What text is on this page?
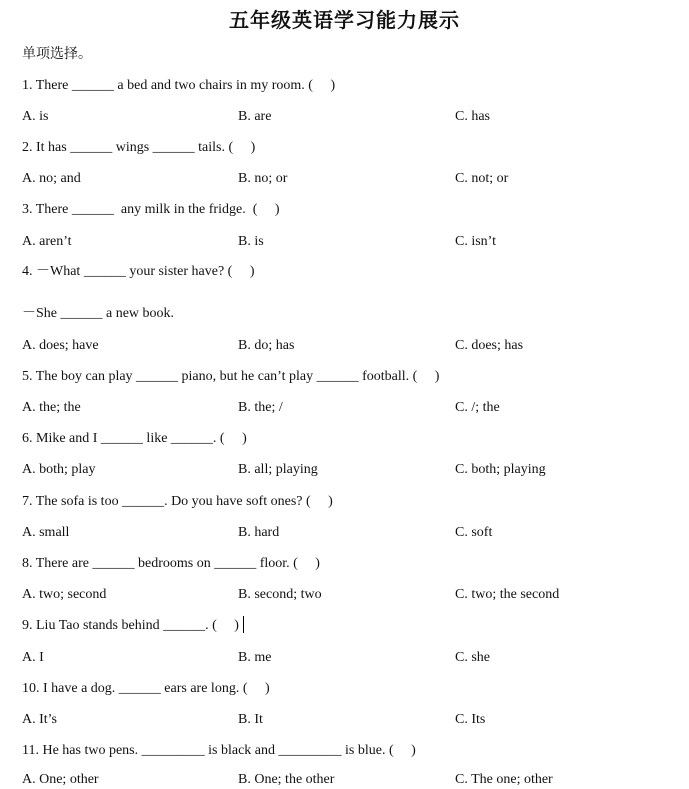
五年级英语学习能力展示
单项选择。
1. There ______ a bed and two chairs in my room. (     )
A. is	B. are	C. has
2. It has ______ wings ______ tails. (     )
A. no; and	B. no; or	C. not; or
3. There ______  any milk in the fridge.  (     )
A. aren’t	B. is	C. isn’t
4. －What ______ your sister have? (     )
－She ______ a new book.
A. does; have	B. do; has	C. does; has
5. The boy can play ______ piano, but he can’t play ______ football. (     )
A. the; the	B. the; /	C. /; the
6. Mike and I ______ like ______. (     )
A. both; play	B. all; playing	C. both; playing
7. The sofa is too ______. Do you have soft ones? (     )
A. small	B. hard	C. soft
8. There are ______ bedrooms on ______ floor. (     )
A. two; second	B. second; two	C. two; the second
9. Liu Tao stands behind ______. (     )
A. I	B. me	C. she
10. I have a dog. ______ ears are long. (     )
A. It’s	B. It	C. Its
11. He has two pens. _________ is black and _________ is blue. (     )
A. One; other	B. One; the other	C. The one; other
